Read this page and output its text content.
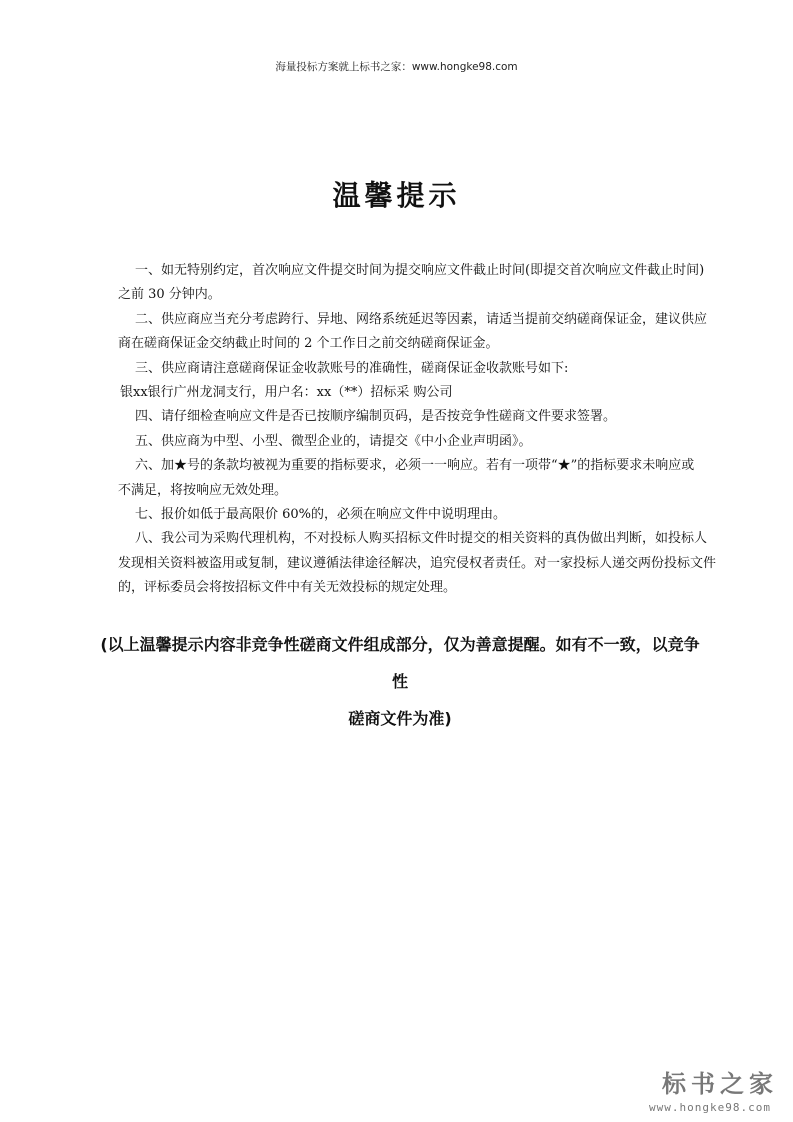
海量投标方案就上标书之家：www.hongke98.com
温馨提示
一、如无特别约定，首次响应文件提交时间为提交响应文件截止时间(即提交首次响应文件截止时间)
之前 30 分钟内。
二、供应商应当充分考虑跨行、异地、网络系统延迟等因素，请适当提前交纳磋商保证金，建议供应
商在磋商保证金交纳截止时间的 2 个工作日之前交纳磋商保证金。
三、供应商请注意磋商保证金收款账号的准确性，磋商保证金收款账号如下:
银xx银行广州龙洞支行，用户名：xx（**）招标采 购公司
四、请仔细检查响应文件是否已按顺序编制页码，是否按竞争性磋商文件要求签署。
五、供应商为中型、小型、微型企业的，请提交《中小企业声明函》。
六、加★号的条款均被视为重要的指标要求，必须一一响应。若有一项带“★”的指标要求未响应或
不满足，将按响应无效处理。
七、报价如低于最高限价 60%的，必须在响应文件中说明理由。
八、我公司为采购代理机构，不对投标人购买招标文件时提交的相关资料的真伪做出判断，如投标人
发现相关资料被盗用或复制，建议遵循法律途径解决，追究侵权者责任。对一家投标人递交两份投标文件
的，评标委员会将按招标文件中有关无效投标的规定处理。
(以上温馨提示内容非竞争性磋商文件组成部分，仅为善意提醒。如有不一致，以竞争性
磋商文件为准)
标书之家
www.hongke98.com
